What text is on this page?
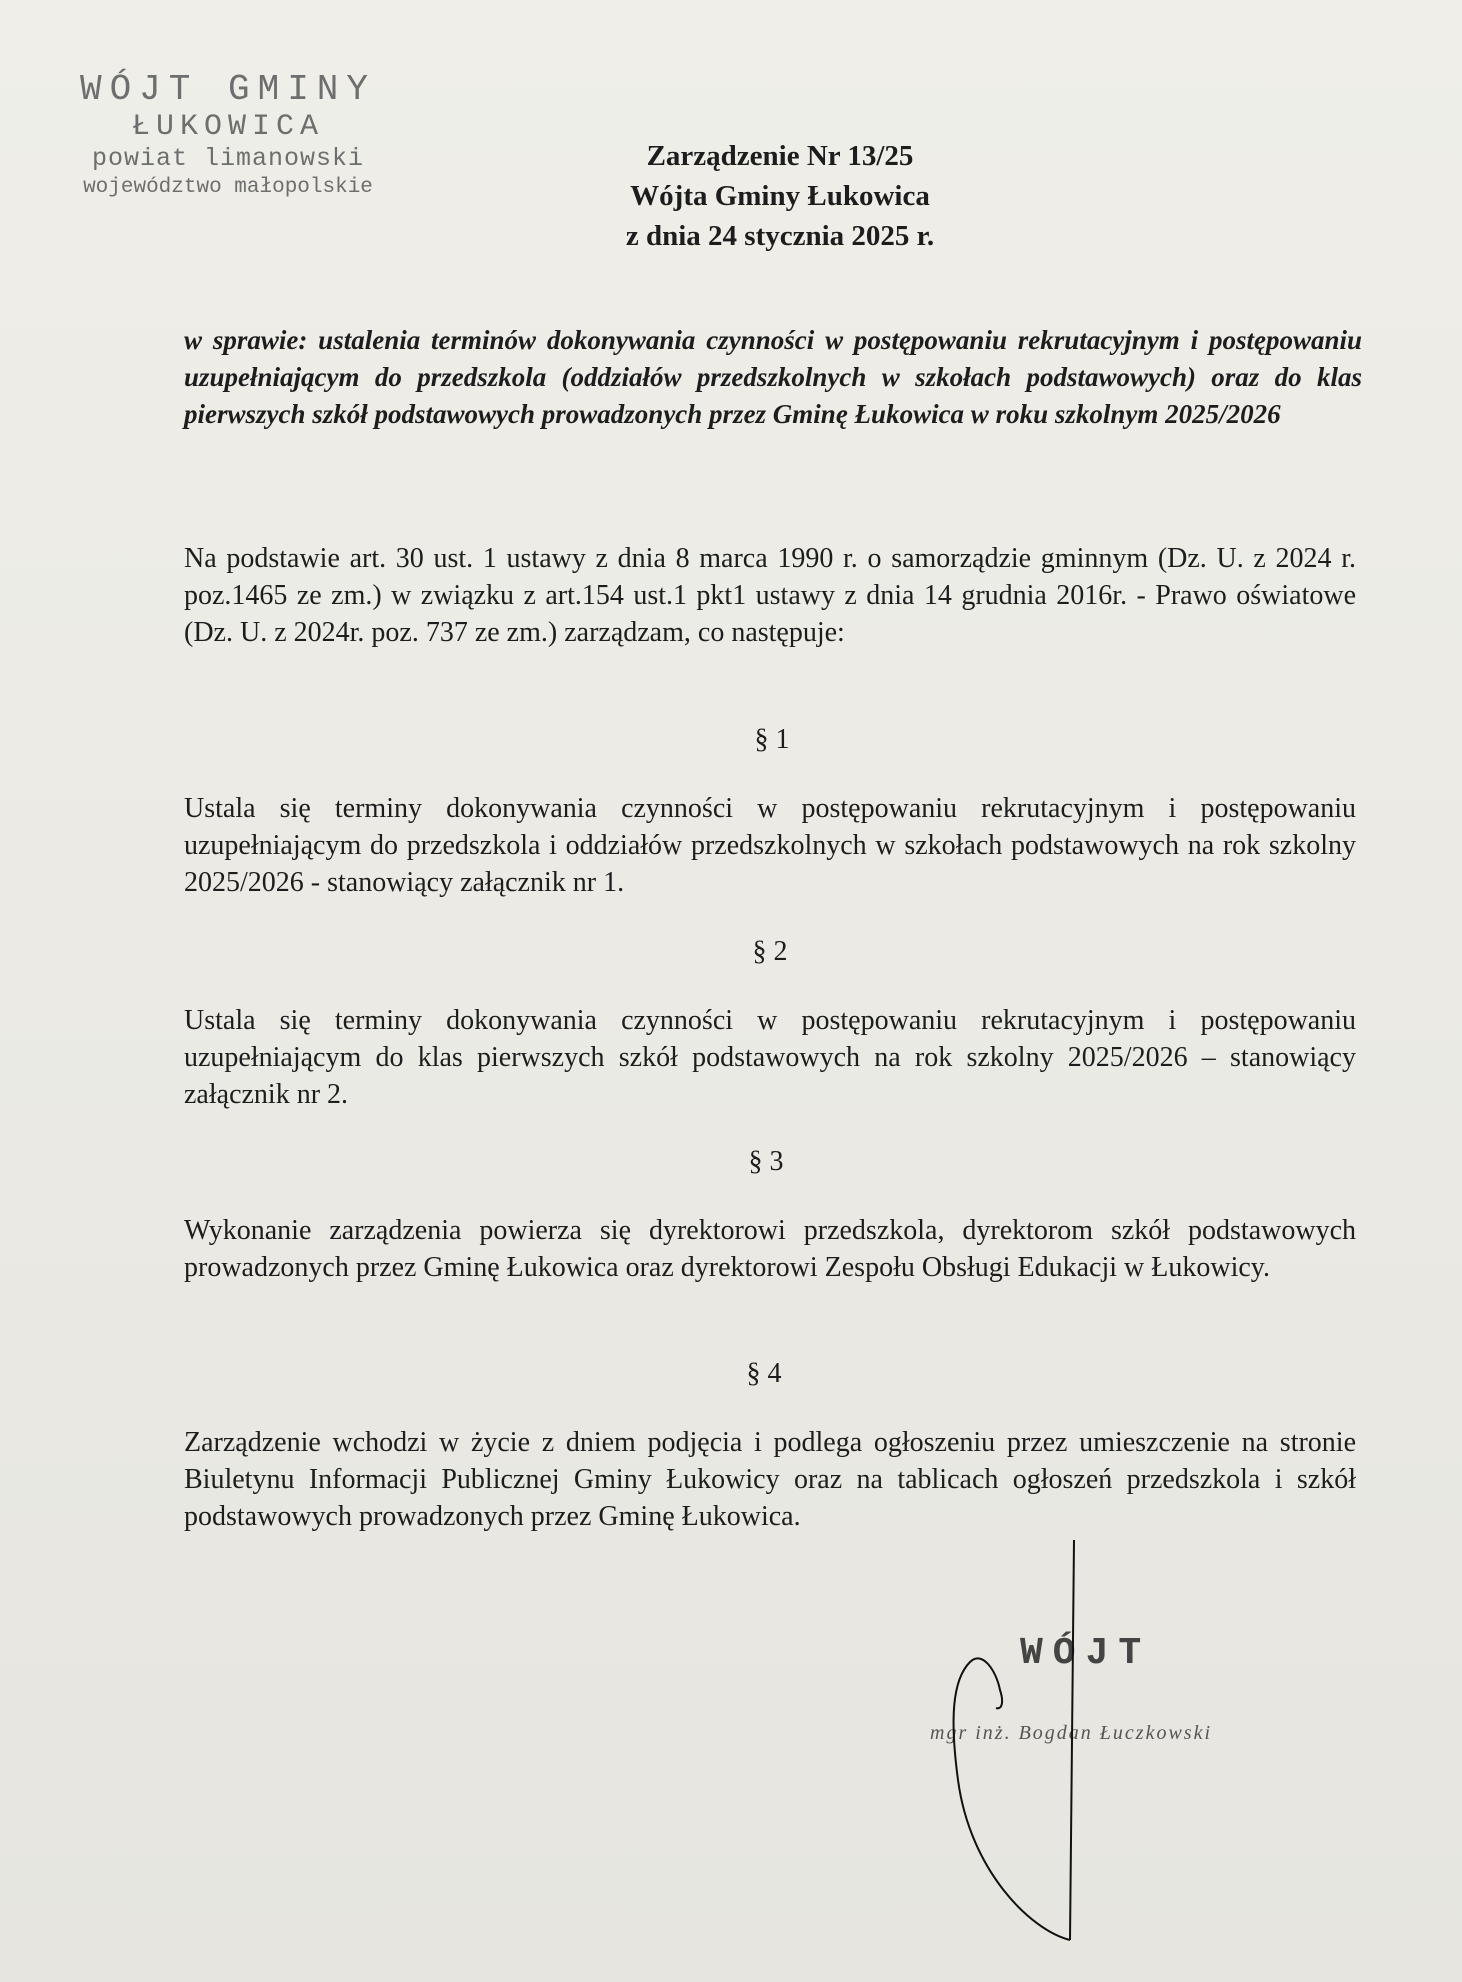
WÓJT GMINY
ŁUKOWICA
powiat limanowski
województwo małopolskie
Zarządzenie Nr 13/25
Wójta Gminy Łukowica
z dnia 24 stycznia 2025 r.
w sprawie: ustalenia terminów dokonywania czynności w postępowaniu rekrutacyjnym i postępowaniu uzupełniającym do przedszkola (oddziałów przedszkolnych w szkołach podstawowych) oraz do klas pierwszych szkół podstawowych prowadzonych przez Gminę Łukowica w roku szkolnym 2025/2026
Na podstawie art. 30 ust. 1 ustawy z dnia 8 marca 1990 r. o samorządzie gminnym (Dz. U. z 2024 r. poz.1465 ze zm.) w związku z art.154 ust.1 pkt1 ustawy z dnia 14 grudnia 2016r. - Prawo oświatowe (Dz. U. z 2024r. poz. 737 ze zm.) zarządzam, co następuje:
§ 1
Ustala się terminy dokonywania czynności w postępowaniu rekrutacyjnym i postępowaniu uzupełniającym do przedszkola i oddziałów przedszkolnych w szkołach podstawowych na rok szkolny 2025/2026 - stanowiący załącznik nr 1.
§ 2
Ustala się terminy dokonywania czynności w postępowaniu rekrutacyjnym i postępowaniu uzupełniającym do klas pierwszych szkół podstawowych na rok szkolny 2025/2026 – stanowiący załącznik nr 2.
§ 3
Wykonanie zarządzenia powierza się dyrektorowi przedszkola, dyrektorom szkół podstawowych prowadzonych przez Gminę Łukowica oraz dyrektorowi Zespołu Obsługi Edukacji w Łukowicy.
§ 4
Zarządzenie wchodzi w życie z dniem podjęcia i podlega ogłoszeniu przez umieszczenie na stronie Biuletynu Informacji Publicznej Gminy Łukowicy oraz na tablicach ogłoszeń przedszkola i szkół podstawowych prowadzonych przez Gminę Łukowica.
WÓJT
mgr inż. Bogdan Łuczkowski
